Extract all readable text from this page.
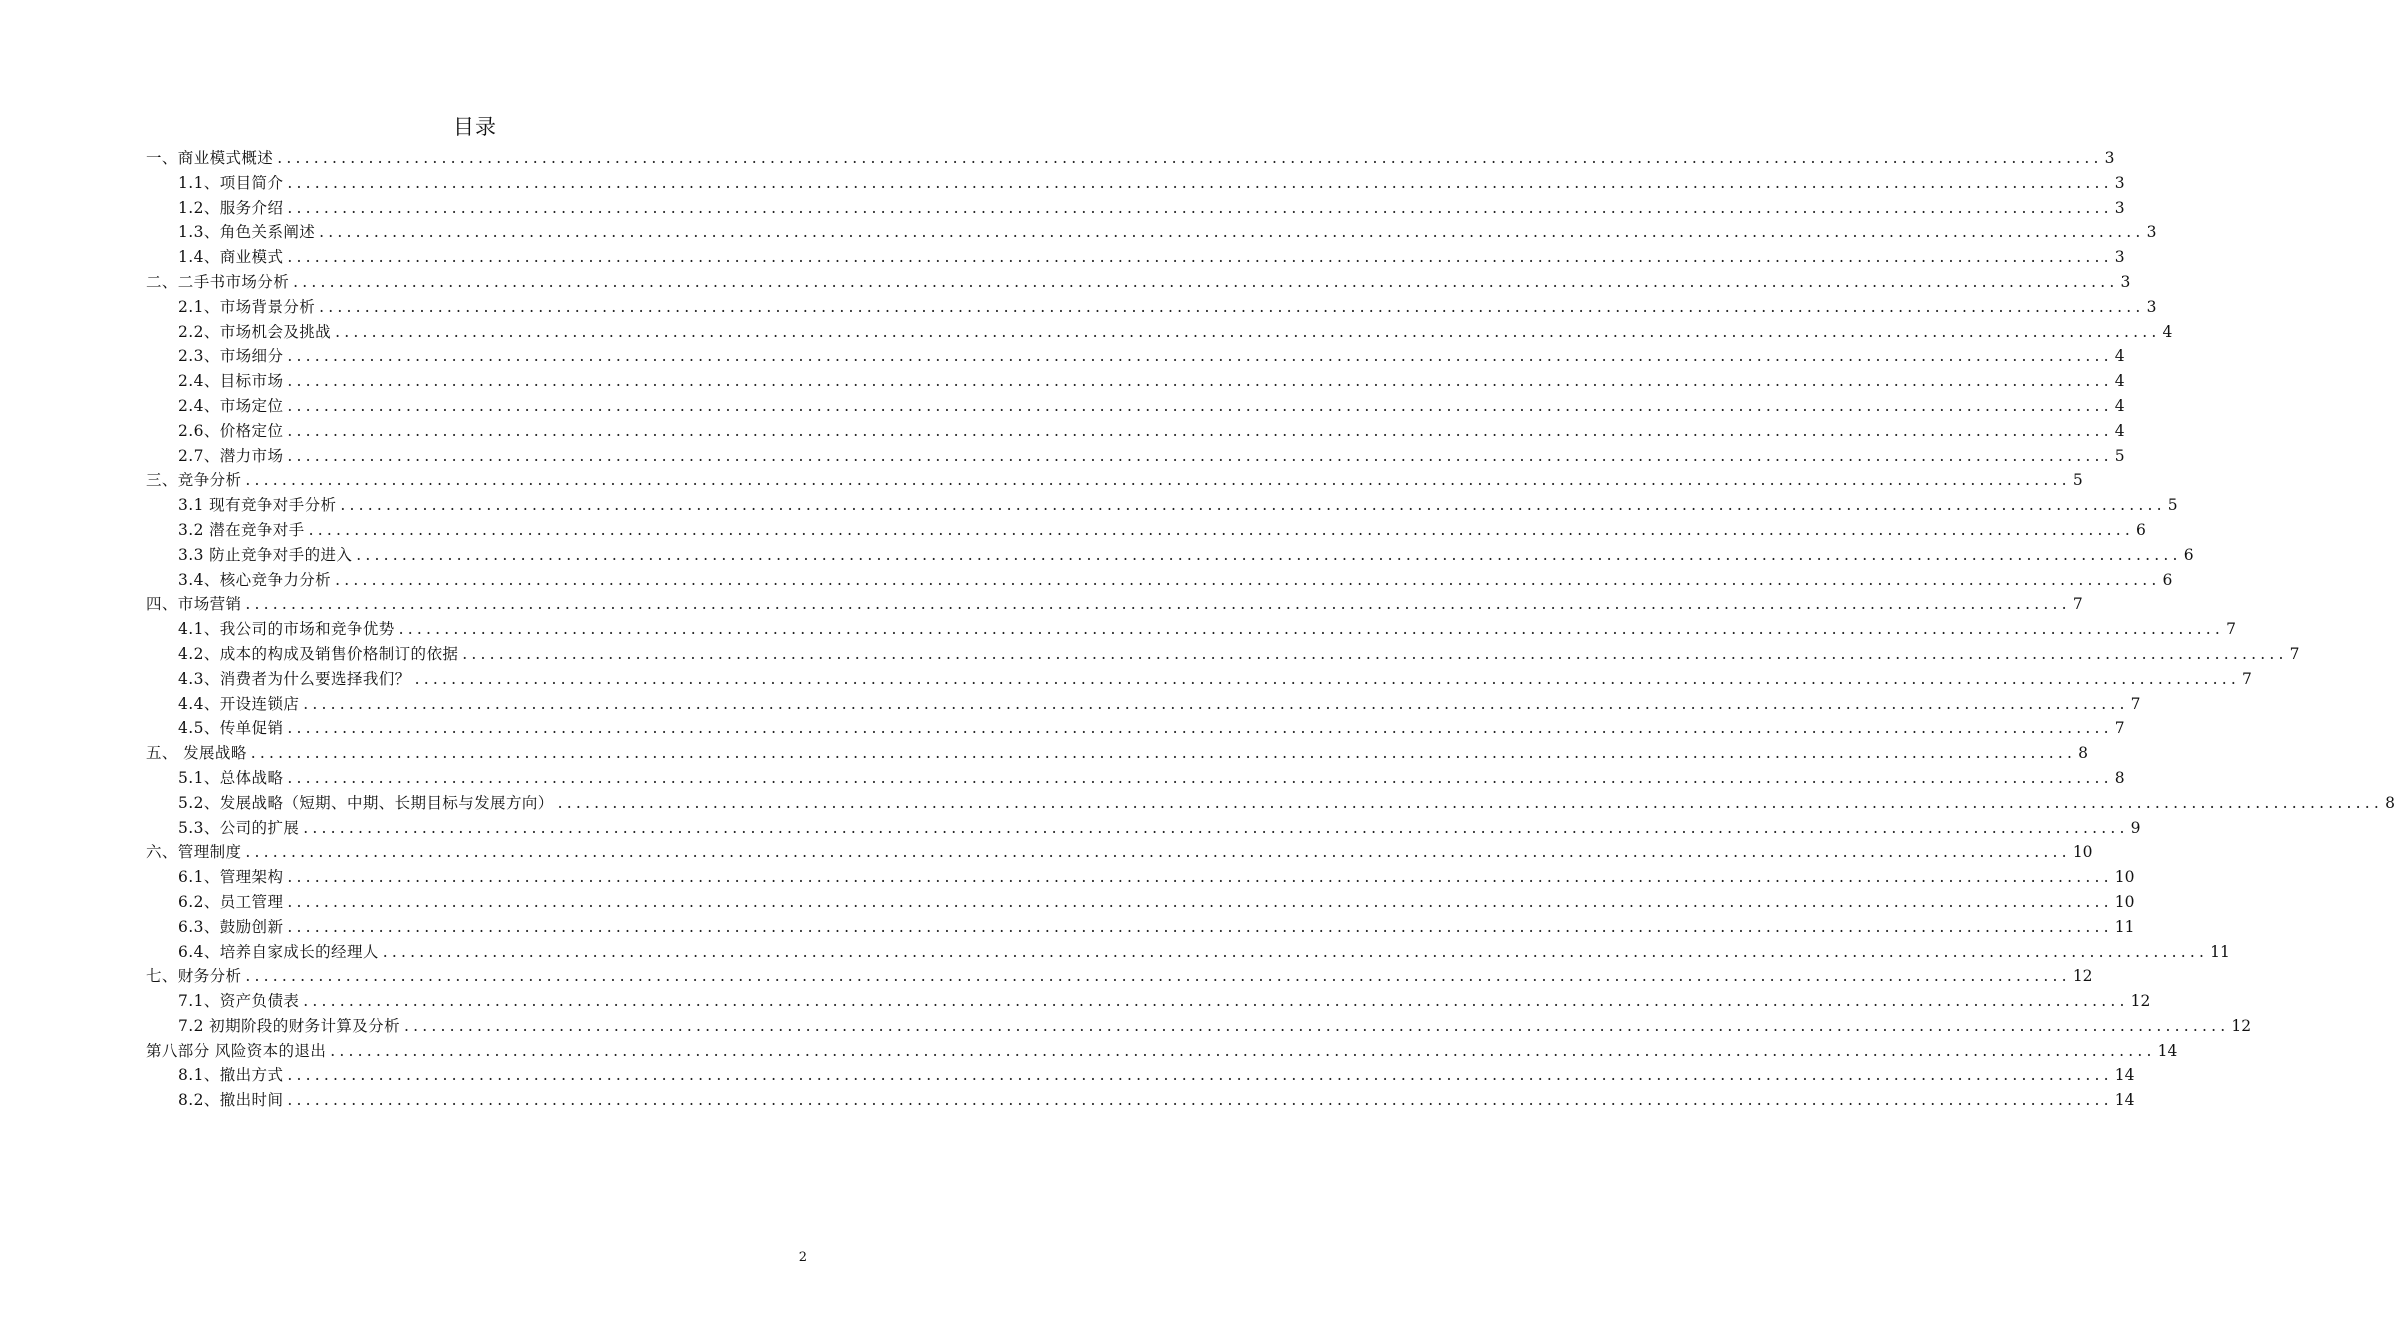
目录
一、商业模式概述 ........................................................................................................................................................................................................ 3
1.1、项目简介 ........................................................................................................................................................................................................ 3
1.2、服务介绍 ........................................................................................................................................................................................................ 3
1.3、角色关系阐述 ........................................................................................................................................................................................................ 3
1.4、商业模式 ........................................................................................................................................................................................................ 3
二、二手书市场分析 ........................................................................................................................................................................................................ 3
2.1、市场背景分析 ........................................................................................................................................................................................................ 3
2.2、市场机会及挑战 ........................................................................................................................................................................................................ 4
2.3、市场细分 ........................................................................................................................................................................................................ 4
2.4、目标市场 ........................................................................................................................................................................................................ 4
2.4、市场定位 ........................................................................................................................................................................................................ 4
2.6、价格定位 ........................................................................................................................................................................................................ 4
2.7、潜力市场 ........................................................................................................................................................................................................ 5
三、竞争分析 ........................................................................................................................................................................................................ 5
3.1 现有竞争对手分析 ........................................................................................................................................................................................................ 5
3.2 潜在竞争对手 ........................................................................................................................................................................................................ 6
3.3 防止竞争对手的进入 ........................................................................................................................................................................................................ 6
3.4、核心竞争力分析 ........................................................................................................................................................................................................ 6
四、市场营销 ........................................................................................................................................................................................................ 7
4.1、我公司的市场和竞争优势 ........................................................................................................................................................................................................ 7
4.2、成本的构成及销售价格制订的依据 ........................................................................................................................................................................................................ 7
4.3、消费者为什么要选择我们？ ........................................................................................................................................................................................................ 7
4.4、开设连锁店 ........................................................................................................................................................................................................ 7
4.5、传单促销 ........................................................................................................................................................................................................ 7
五、 发展战略 ........................................................................................................................................................................................................ 8
5.1、总体战略 ........................................................................................................................................................................................................ 8
5.2、发展战略（短期、中期、长期目标与发展方向） ........................................................................................................................................................................................................ 8
5.3、公司的扩展 ........................................................................................................................................................................................................ 9
六、管理制度 ........................................................................................................................................................................................................ 10
6.1、管理架构 ........................................................................................................................................................................................................ 10
6.2、员工管理 ........................................................................................................................................................................................................ 10
6.3、鼓励创新 ........................................................................................................................................................................................................ 11
6.4、培养自家成长的经理人 ........................................................................................................................................................................................................ 11
七、财务分析 ........................................................................................................................................................................................................ 12
7.1、资产负债表 ........................................................................................................................................................................................................ 12
7.2 初期阶段的财务计算及分析 ........................................................................................................................................................................................................ 12
第八部分 风险资本的退出 ........................................................................................................................................................................................................ 14
8.1、撤出方式 ........................................................................................................................................................................................................ 14
8.2、撤出时间 ........................................................................................................................................................................................................ 14
2
